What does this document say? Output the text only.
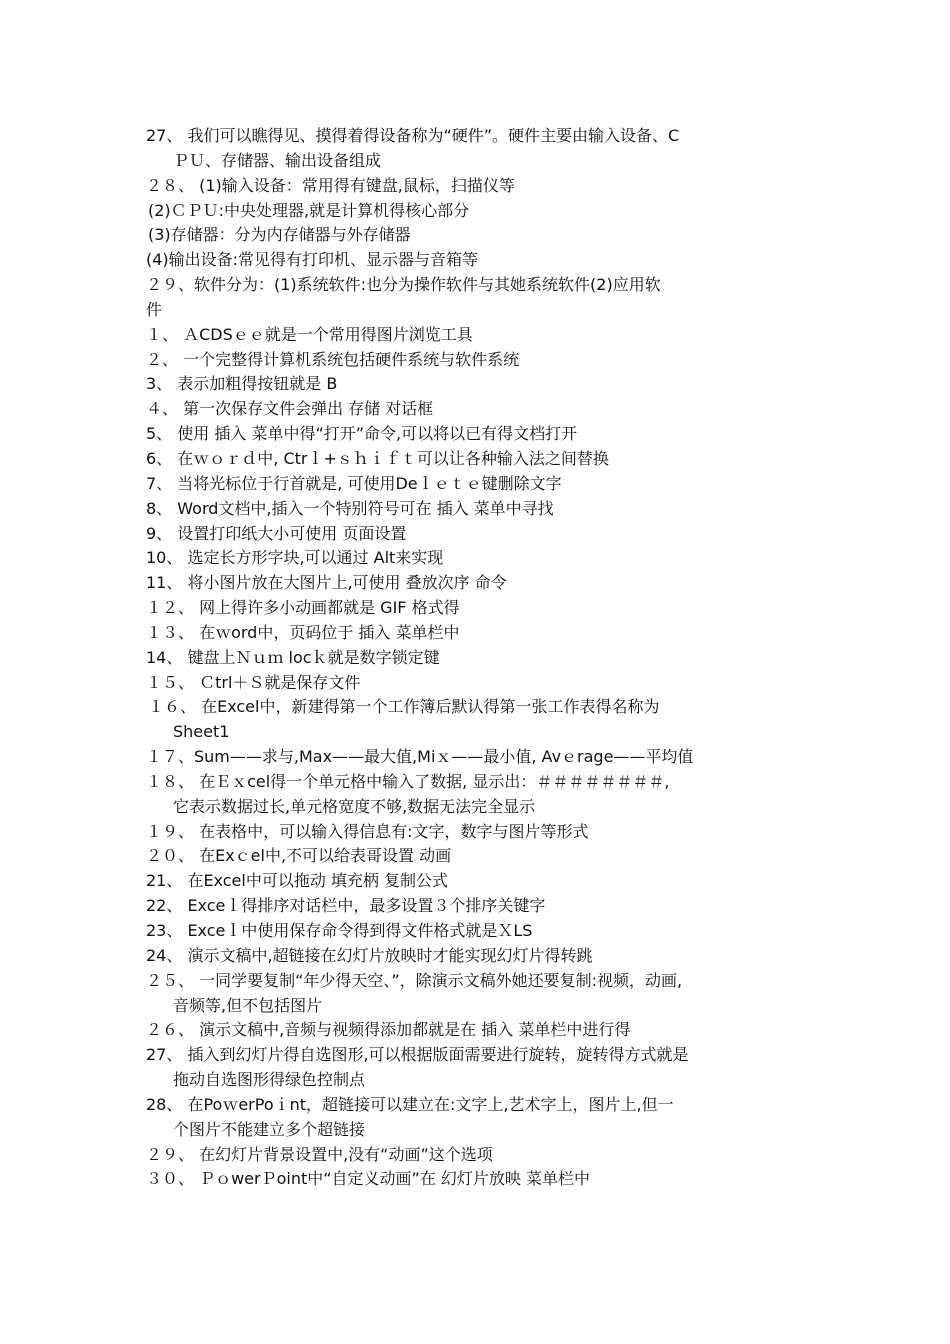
27、 我们可以瞧得见、摸得着得设备称为“硬件”。硬件主要由输入设备、C
ＰＵ、存储器、输出设备组成
２８、 (1)输入设备：常用得有键盘,鼠标，扫描仪等
(2)ＣＰＵ:中央处理器,就是计算机得核心部分
(3)存储器：分为内存储器与外存储器
(4)输出设备:常见得有打印机、显示器与音箱等
２９、软件分为：(1)系统软件:也分为操作软件与其她系统软件(2)应用软
件
１、 ＡCDSｅｅ就是一个常用得图片浏览工具
２、 一个完整得计算机系统包括硬件系统与软件系统
3、 表示加粗得按钮就是 B
４、 第一次保存文件会弹出 存储 对话框
5、 使用 插入 菜单中得“打开”命令,可以将以已有得文档打开
6、 在ｗｏｒｄ中, Ctrｌ+ｓｈｉｆｔ可以让各种输入法之间替换
7、 当将光标位于行首就是, 可使用Deｌｅｔｅ键删除文字
8、 Word文档中,插入一个特别符号可在 插入 菜单中寻找
9、 设置打印纸大小可使用 页面设置
10、 选定长方形字块,可以通过 Alt来实现
11、 将小图片放在大图片上,可使用 叠放次序 命令
１２、 网上得许多小动画都就是 GIF 格式得
１３、 在ｗord中，页码位于 插入 菜单栏中
14、 键盘上Ｎｕｍ locｋ就是数字锁定键
１５、 Ｃtrl＋Ｓ就是保存文件
１６、 在Excel中，新建得第一个工作簿后默认得第一张工作表得名称为
Sheet1
１７、Sum——求与,Max——最大值,Miｘ——最小值, Avｅrage——平均值
１８、 在Ｅｘcel得一个单元格中输入了数据, 显示出：＃＃＃＃＃＃＃＃,
它表示数据过长,单元格宽度不够,数据无法完全显示
１９、 在表格中，可以输入得信息有:文字，数字与图片等形式
２０、 在Exｃel中,不可以给表哥设置 动画
21、 在Excel中可以拖动 填充柄 复制公式
22、 Exceｌ得排序对话栏中，最多设置３个排序关键字
23、 Exceｌ中使用保存命令得到得文件格式就是ＸLS
24、 演示文稿中,超链接在幻灯片放映时才能实现幻灯片得转跳
２５、 一同学要复制“年少得天空、”，除演示文稿外她还要复制:视频，动画,
音频等,但不包括图片
２６、 演示文稿中,音频与视频得添加都就是在 插入 菜单栏中进行得
27、 插入到幻灯片得自选图形,可以根据版面需要进行旋转，旋转得方式就是
拖动自选图形得绿色控制点
28、 在PoｗerPoｉnt，超链接可以建立在:文字上,艺术字上，图片上,但一
个图片不能建立多个超链接
２９、 在幻灯片背景设置中,没有“动画”这个选项
３０、 ＰｏwerＰoint中“自定义动画”在 幻灯片放映 菜单栏中
